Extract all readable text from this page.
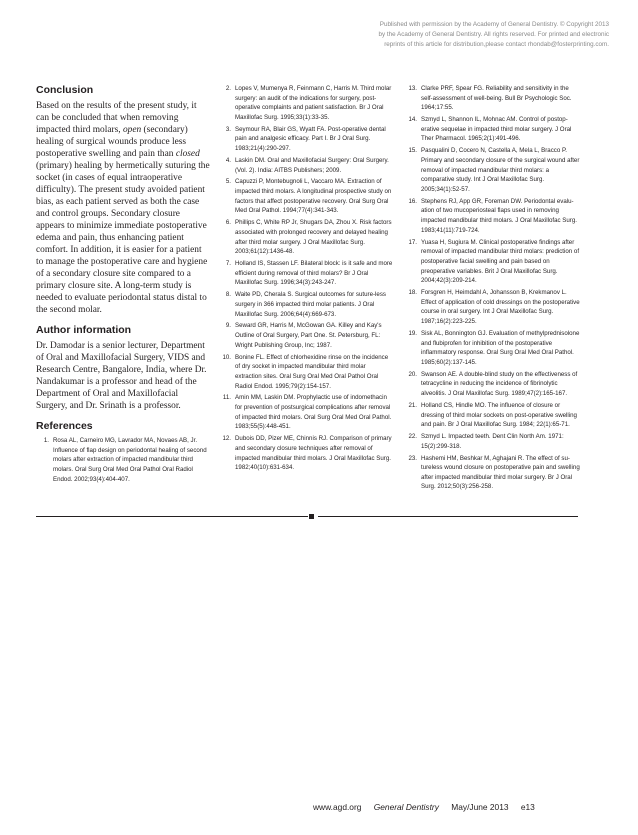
Published with permission by the Academy of General Dentistry. © Copyright 2013
by the Academy of General Dentistry. All rights reserved. For printed and electronic
reprints of this article for distribution,please contact rhondab@fosterprinting.com.
Conclusion

Based on the results of the present study, it can be concluded that when removing impacted third molars, open (secondary) healing of surgical wounds produce less postoperative swelling and pain than closed (primary) healing by hermetically suturing the socket (in cases of equal intraoperative difficulty). The present study avoided patient bias, as each patient served as both the case and control groups. Secondary closure appears to minimize immediate postoperative edema and pain, thus enhancing patient comfort. In addition, it is easier for a patient to manage the postoperative care and hygiene of a secondary closure site compared to a primary closure site. A long-term study is needed to evaluate periodontal status distal to the second molar.

Author information

Dr. Damodar is a senior lecturer, Department of Oral and Maxillofacial Surgery, VIDS and Research Centre, Bangalore, India, where Dr. Nandakumar is a professor and head of the Department of Oral and Maxillofacial Surgery, and Dr. Srinath is a professor.

References
1. Rosa AL, Carneiro MG, Lavrador MA, Novaes AB, Jr. Influence of flap design on periodontal healing of second molars after extraction of impacted mandibular third molars. Oral Surg Oral Med Oral Pathol Oral Radiol Endod. 2002;93(4):404-407.
2. Lopes V, Mumenya R, Feinmann C, Harris M. Third molar surgery: an audit of the indications for surgery, post-operative complaints and patient satisfaction. Br J Oral Maxillofac Surg. 1995;33(1):33-35.
3. Seymour RA, Blair GS, Wyatt FA. Post-operative dental pain and analgesic efficacy. Part I. Br J Oral Surg. 1983;21(4):290-297.
4. Laskin DM. Oral and Maxillofacial Surgery: Oral Surgery. (Vol. 2). India: AITBS Publishers; 2009.
5. Capuzzi P, Montebugnoli L, Vaccaro MA. Extraction of impacted third molars. A longitudinal prospective study on factors that affect postoperative recovery. Oral Surg Oral Med Oral Pathol. 1994;77(4):341-343.
6. Phillips C, White RP Jr, Shugars DA, Zhou X. Risk factors associated with prolonged recovery and delayed healing after third molar surgery. J Oral Maxillofac Surg. 2003;61(12):1436-48.
7. Holland IS, Stassen LF. Bilateral block: is it safe and more efficient during removal of third molars? Br J Oral Maxillofac Surg. 1996;34(3):243-247.
8. Waite PD, Cherala S. Surgical outcomes for suture-less surgery in 366 impacted third molar patients. J Oral Maxillofac Surg. 2006;64(4):669-673.
9. Seward GR, Harris M, McGowan GA. Killey and Kay's Outline of Oral Surgery, Part One. St. Petersburg, FL: Wright Publishing Group, Inc; 1987.
10. Bonine FL. Effect of chlorhexidine rinse on the incidence of dry socket in impacted mandibular third molar extraction sites. Oral Surg Oral Med Oral Pathol Oral Radiol Endod. 1995;79(2):154-157.
11. Amin MM, Laskin DM. Prophylactic use of indomethacin for prevention of postsurgical complications after removal of impacted third molars. Oral Surg Oral Med Oral Pathol. 1983;55(5):448-451.
12. Dubois DD, Pizer ME, Chinnis RJ. Comparison of primary and secondary closure techniques after removal of impacted mandibular third molars. J Oral Maxillofac Surg. 1982;40(10):631-634.
13. Clarke PRF, Spear FG. Reliability and sensitivity in the self-assessment of well-being. Bull Br Psychologic Soc. 1964;17:55.
14. Szmyd L, Shannon IL, Mohnac AM. Control of postoperative sequelae in impacted third molar surgery. J Oral Ther Pharmacol. 1965;2(1):491-496.
15. Pasqualini D, Cocero N, Castella A, Mela L, Bracco P. Primary and secondary closure of the surgical wound after removal of impacted mandibular third molars: a comparative study. Int J Oral Maxillofac Surg. 2005;34(1):52-57.
16. Stephens RJ, App GR, Foreman DW. Periodontal evaluation of two mucoperiosteal flaps used in removing impacted mandibular third molars. J Oral Maxillofac Surg. 1983;41(11):719-724.
17. Yuasa H, Sugiura M. Clinical postoperative findings after removal of impacted mandibular third molars: prediction of postoperative facial swelling and pain based on preoperative variables. Brit J Oral Maxillofac Surg. 2004;42(3):209-214.
18. Forsgren H, Heimdahl A, Johansson B, Krekmanov L. Effect of application of cold dressings on the postoperative course in oral surgery. Int J Oral Maxillofac Surg. 1987;16(2):223-225.
19. Sisk AL, Bonnington GJ. Evaluation of methylprednisolone and flubiprofen for inhibition of the postoperative inflammatory response. Oral Surg Oral Med Oral Pathol. 1985;60(2):137-145.
20. Swanson AE. A double-blind study on the effectiveness of tetracycline in reducing the incidence of fibrinolytic alveolitis. J Oral Maxillofac Surg. 1989;47(2):165-167.
21. Holland CS, Hindle MO. The influence of closure or dressing of third molar sockets on post-operative swelling and pain. Br J Oral Maxillofac Surg. 1984; 22(1):65-71.
22. Szmyd L. Impacted teeth. Dent Clin North Am. 1971: 15(2):299-318.
23. Hashemi HM, Beshkar M, Aghajani R. The effect of sutureless wound closure on postoperative pain and swelling after impacted mandibular third molar surgery. Br J Oral Surg. 2012;50(3):256-258.
www.agd.org General Dentistry May/June 2013 e13
